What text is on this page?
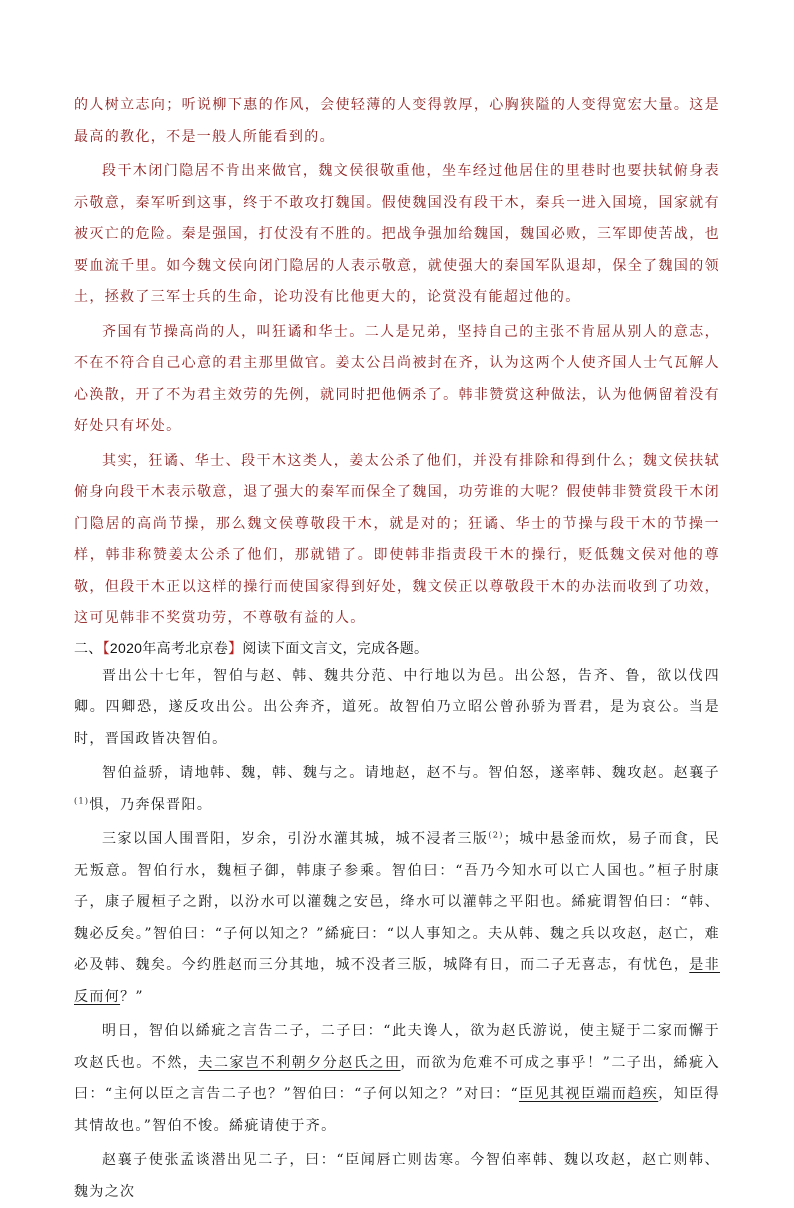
的人树立志向；听说柳下惠的作风，会使轻薄的人变得敦厚，心胸狭隘的人变得宽宏大量。这是最高的教化，不是一般人所能看到的。

段干木闭门隐居不肯出来做官，魏文侯很敬重他，坐车经过他居住的里巷时也要扶轼俯身表示敬意，秦军听到这事，终于不敢攻打魏国。假使魏国没有段干木，秦兵一进入国境，国家就有被灭亡的危险。秦是强国，打仗没有不胜的。把战争强加给魏国，魏国必败，三军即使苦战，也要血流千里。如今魏文侯向闭门隐居的人表示敬意，就使强大的秦国军队退却，保全了魏国的领土，拯救了三军士兵的生命，论功没有比他更大的，论赏没有能超过他的。

齐国有节操高尚的人，叫狂谲和华士。二人是兄弟，坚持自己的主张不肯屈从别人的意志，不在不符合自己心意的君主那里做官。姜太公吕尚被封在齐，认为这两个人使齐国人士气瓦解人心涣散，开了不为君主效劳的先例，就同时把他俩杀了。韩非赞赏这种做法，认为他俩留着没有好处只有坏处。

其实，狂谲、华士、段干木这类人，姜太公杀了他们，并没有排除和得到什么；魏文侯扶轼俯身向段干木表示敬意，退了强大的秦军而保全了魏国，功劳谁的大呢？假使韩非赞赏段干木闭门隐居的高尚节操，那么魏文侯尊敬段干木，就是对的；狂谲、华士的节操与段干木的节操一样，韩非称赞姜太公杀了他们，那就错了。即使韩非指责段干木的操行，贬低魏文侯对他的尊敬，但段干木正以这样的操行而使国家得到好处，魏文侯正以尊敬段干木的办法而收到了功效，这可见韩非不奖赏功劳，不尊敬有益的人。

二、【2020年高考北京卷】阅读下面文言文，完成各题。

晋出公十七年，智伯与赵、韩、魏共分范、中行地以为邑。出公怒，告齐、鲁，欲以伐四卿。四卿恐，遂反攻出公。出公奔齐，道死。故智伯乃立昭公曾孙骄为晋君，是为哀公。当是时，晋国政皆决智伯。

智伯益骄，请地韩、魏，韩、魏与之。请地赵，赵不与。智伯怒，遂率韩、魏攻赵。赵襄子$^{(1)}$惧，乃奔保晋阳。

三家以国人围晋阳，岁余，引汾水灌其城，城不浸者三版$^{(2)}$；城中悬釜而炊，易子而食，民无叛意。智伯行水，魏桓子御，韩康子参乘。智伯曰：“吾乃今知水可以亡人国也。”桓子肘康子，康子履桓子之跗，以汾水可以灌魏之安邑，绛水可以灌韩之平阳也。絺疵谓智伯曰：“韩、魏必反矣。”智伯曰：“子何以知之？”絺疵曰：“以人事知之。夫从韩、魏之兵以攻赵，赵亡，难必及韩、魏矣。今约胜赵而三分其地，城不没者三版，城降有日，而二子无喜志，有忧色，是非反而何？”

明日，智伯以絺疵之言告二子，二子曰：“此夫谗人，欲为赵氏游说，使主疑于二家而懈于攻赵氏也。不然，夫二家岂不利朝夕分赵氏之田，而欲为危难不可成之事乎！”二子出，絺疵入曰：“主何以臣之言告二子也？”智伯曰：“子何以知之？”对曰：“臣见其视臣端而趋疾，知臣得其情故也。”智伯不悛。絺疵请使于齐。

赵襄子使张孟谈潜出见二子，曰：“臣闻唇亡则齿寒。今智伯率韩、魏以攻赵，赵亡则韩、魏为之次
